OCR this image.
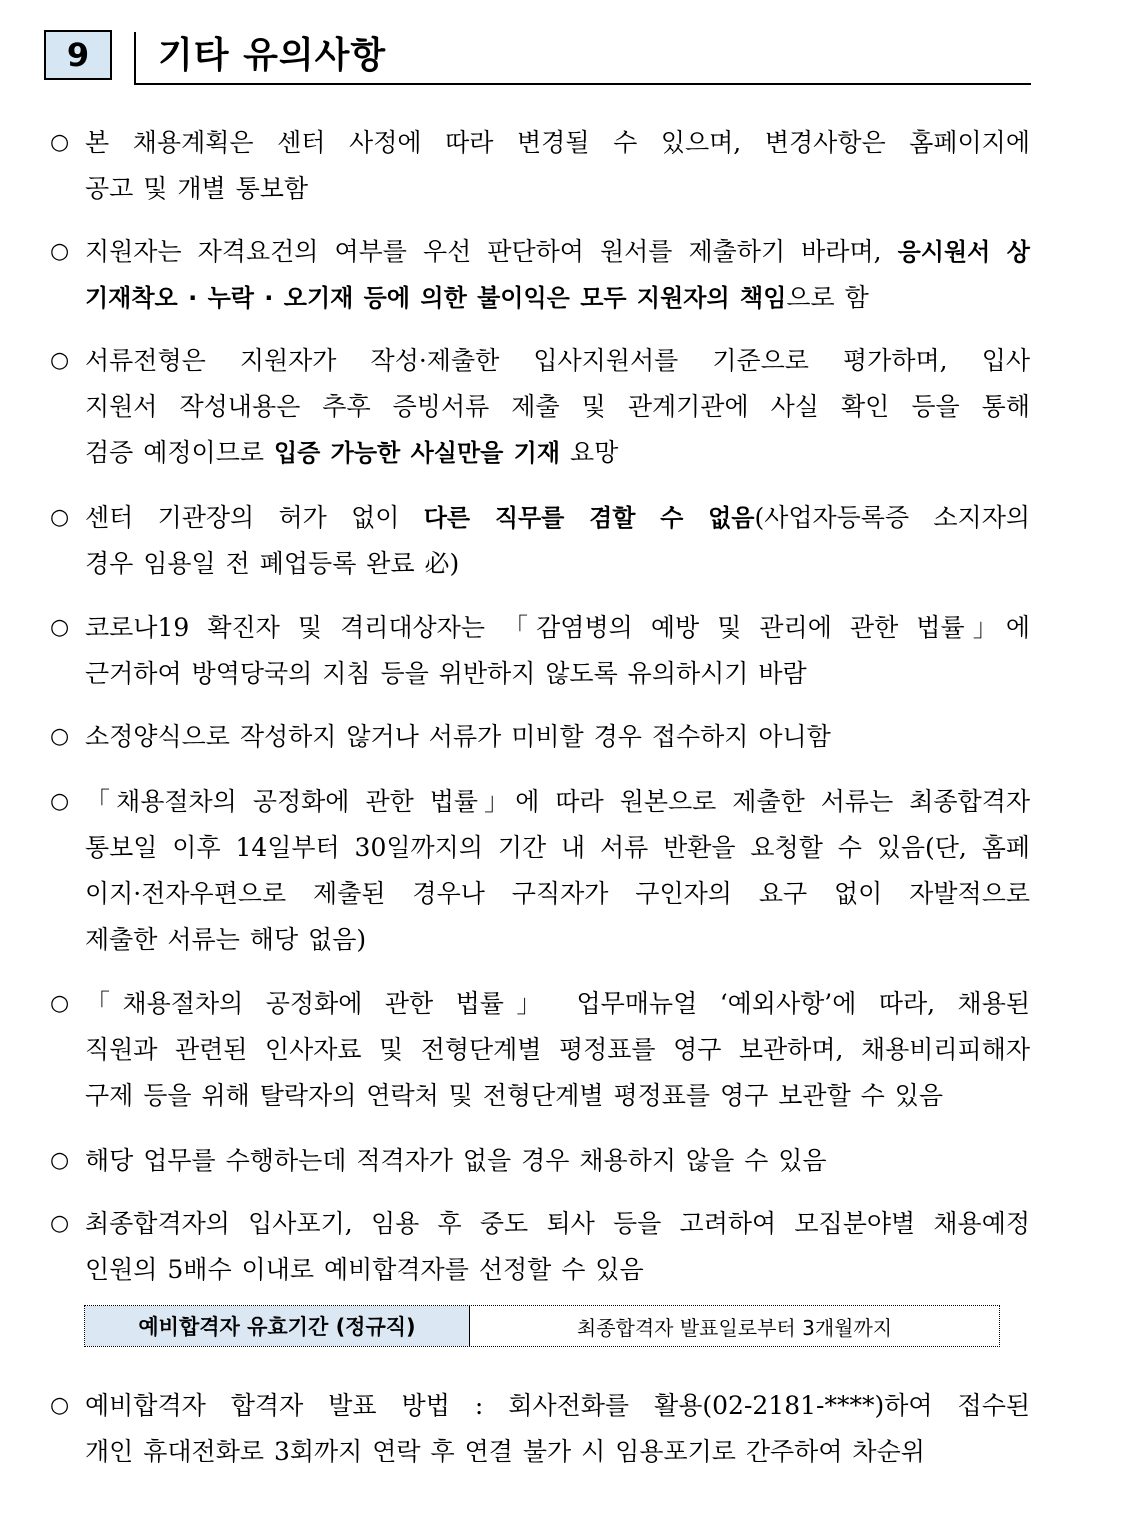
9	기타 유의사항
○ 본 채용계획은 센터 사정에 따라 변경될 수 있으며, 변경사항은 홈페이지에
공고 및 개별 통보함
○ 지원자는 자격요건의 여부를 우선 판단하여 원서를 제출하기 바라며, 응시원서 상
기재착오 · 누락 · 오기재 등에 의한 불이익은 모두 지원자의 책임으로 함
○ 서류전형은 지원자가 작성·제출한 입사지원서를 기준으로 평가하며, 입사
지원서 작성내용은 추후 증빙서류 제출 및 관계기관에 사실 확인 등을 통해
검증 예정이므로 입증 가능한 사실만을 기재 요망
○ 센터 기관장의 허가 없이 다른 직무를 겸할 수 없음(사업자등록증 소지자의
경우 임용일 전 폐업등록 완료 必)
○ 코로나19 확진자 및 격리대상자는 「감염병의 예방 및 관리에 관한 법률」에
근거하여 방역당국의 지침 등을 위반하지 않도록 유의하시기 바람
○ 소정양식으로 작성하지 않거나 서류가 미비할 경우 접수하지 아니함
○ 「채용절차의 공정화에 관한 법률」에 따라 원본으로 제출한 서류는 최종합격자
통보일 이후 14일부터 30일까지의 기간 내 서류 반환을 요청할 수 있음(단, 홈페
이지·전자우편으로 제출된 경우나 구직자가 구인자의 요구 없이 자발적으로
제출한 서류는 해당 없음)
○ 「채용절차의 공정화에 관한 법률」 업무매뉴얼 ‘예외사항’에 따라, 채용된
직원과 관련된 인사자료 및 전형단계별 평정표를 영구 보관하며, 채용비리피해자
구제 등을 위해 탈락자의 연락처 및 전형단계별 평정표를 영구 보관할 수 있음
○ 해당 업무를 수행하는데 적격자가 없을 경우 채용하지 않을 수 있음
○ 최종합격자의 입사포기, 임용 후 중도 퇴사 등을 고려하여 모집분야별 채용예정
인원의 5배수 이내로 예비합격자를 선정할 수 있음
○ 예비합격자 합격자 발표 방법 : 회사전화를 활용(02-2181-****)하여 접수된
개인 휴대전화로 3회까지 연락 후 연결 불가 시 임용포기로 간주하여 차순위
예비합격자 유효기간 (정규직)	최종합격자 발표일로부터 3개월까지
